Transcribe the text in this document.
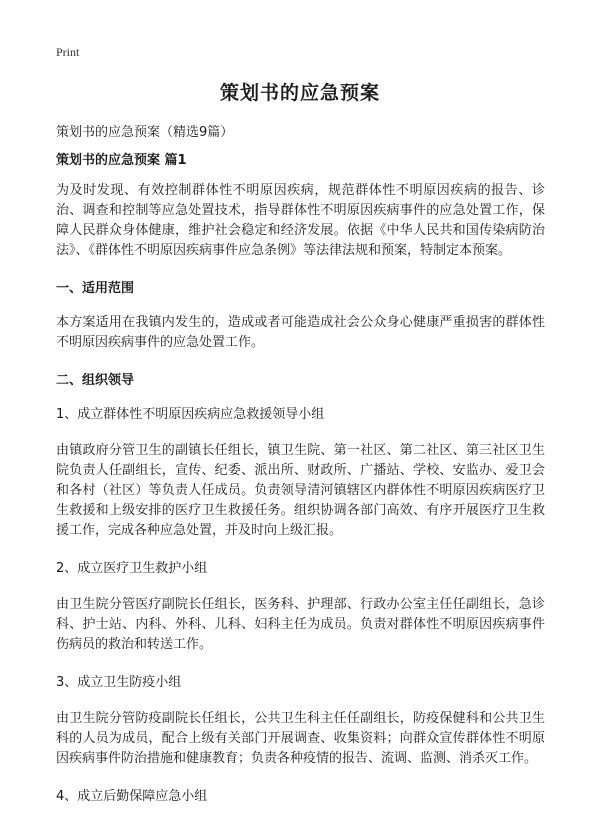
Print
策划书的应急预案
策划书的应急预案（精选9篇）

策划书的应急预案 篇1

为及时发现、有效控制群体性不明原因疾病，规范群体性不明原因疾病的报告、诊治、调查和控制等应急处置技术，指导群体性不明原因疾病事件的应急处置工作，保障人民群众身体健康，维护社会稳定和经济发展。依据《中华人民共和国传染病防治法》、《群体性不明原因疾病事件应急条例》等法律法规和预案，特制定本预案。

一、适用范围

本方案适用在我镇内发生的，造成或者可能造成社会公众身心健康严重损害的群体性不明原因疾病事件的应急处置工作。

二、组织领导

1、成立群体性不明原因疾病应急救援领导小组

由镇政府分管卫生的副镇长任组长，镇卫生院、第一社区、第二社区、第三社区卫生院负责人任副组长，宣传、纪委、派出所、财政所、广播站、学校、安监办、爱卫会和各村（社区）等负责人任成员。负责领导清河镇辖区内群体性不明原因疾病医疗卫生救援和上级安排的医疗卫生救援任务。组织协调各部门高效、有序开展医疗卫生救援工作，完成各种应急处置，并及时向上级汇报。

2、成立医疗卫生救护小组

由卫生院分管医疗副院长任组长，医务科、护理部、行政办公室主任任副组长，急诊科、护士站、内科、外科、儿科、妇科主任为成员。负责对群体性不明原因疾病事件伤病员的救治和转送工作。

3、成立卫生防疫小组

由卫生院分管防疫副院长任组长，公共卫生科主任任副组长，防疫保健科和公共卫生科的人员为成员，配合上级有关部门开展调查、收集资料；向群众宣传群体性不明原因疾病事件防治措施和健康教育；负责各种疫情的报告、流调、监测、消杀灭工作。

4、成立后勤保障应急小组
